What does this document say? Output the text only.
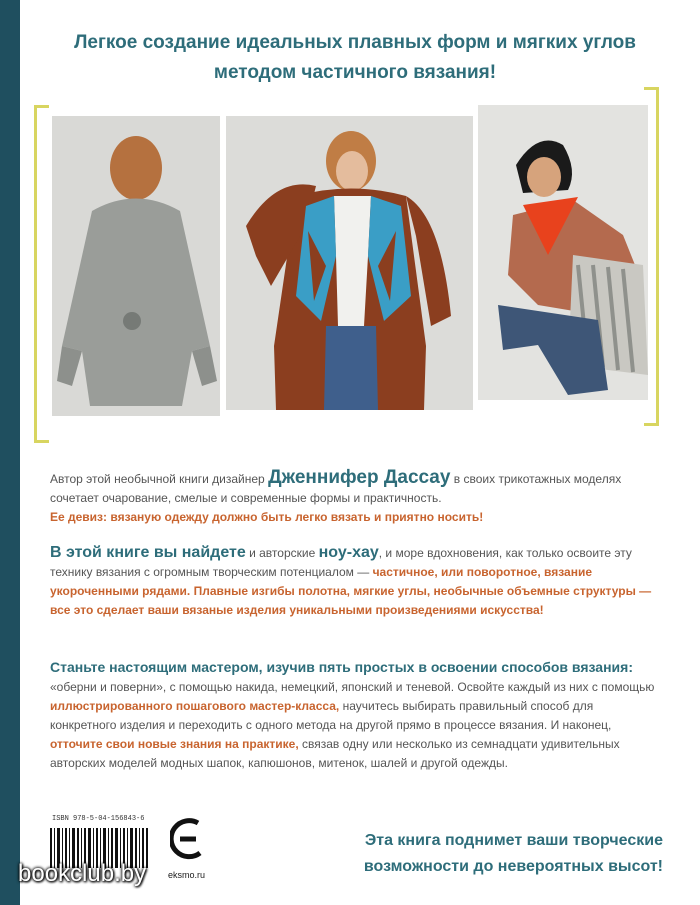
Легкое создание идеальных плавных форм и мягких углов
методом частичного вязания!
Автор этой необычной книги дизайнер Дженнифер Дассау в своих трикотажных моделях сочетает очарование, смелые и современные формы и практичность.
Ее девиз: вязаную одежду должно быть легко вязать и приятно носить!
В этой книге вы найдете и авторские ноу-хау, и море вдохновения, как только освоите эту технику вязания с огромным творческим потенциалом — частичное, или поворотное, вязание укороченными рядами. Плавные изгибы полотна, мягкие углы, необычные объемные структуры — все это сделает ваши вязаные изделия уникальными произведениями искусства!
Станьте настоящим мастером, изучив пять простых в освоении способов вязания:
«оберни и поверни», с помощью накида, немецкий, японский и теневой. Освойте каждый из них с помощью иллюстрированного пошагового мастер-класса, научитесь выбирать правильный способ для конкретного изделия и переходить с одного метода на другой прямо в процессе вязания. И наконец, отточите свои новые знания на практике, связав одну или несколько из семнадцати удивительных авторских моделей модных шапок, капюшонов, митенок, шалей и другой одежды.
ISBN 978-5-04-156843-6
bookclub.by eksmo.ru
Эта книга поднимет ваши творческие
возможности до невероятных высот!
